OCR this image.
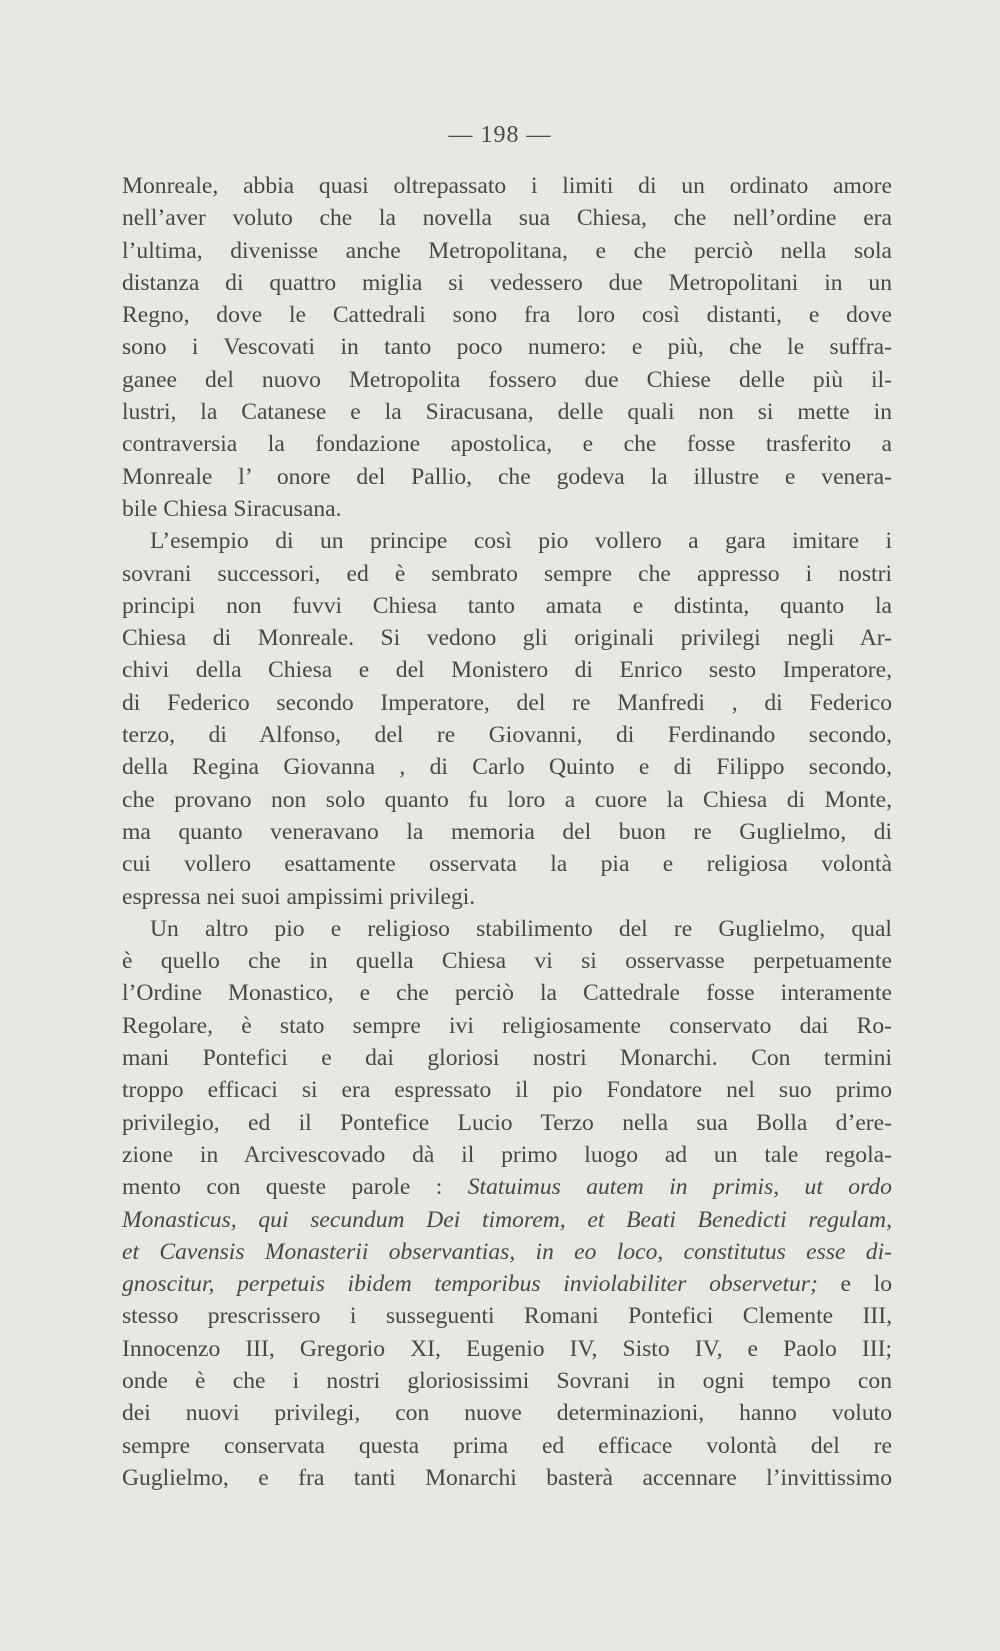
— 198 —
Monreale, abbia quasi oltrepassato i limiti di un ordinato amore
nell’aver voluto che la novella sua Chiesa, che nell’ordine era
l’ultima, divenisse anche Metropolitana, e che perciò nella sola
distanza di quattro miglia si vedessero due Metropolitani in un
Regno, dove le Cattedrali sono fra loro così distanti, e dove
sono i Vescovati in tanto poco numero: e più, che le suffra-
ganee del nuovo Metropolita fossero due Chiese delle più il-
lustri, la Catanese e la Siracusana, delle quali non si mette in
contraversia la fondazione apostolica, e che fosse trasferito a
Monreale l’ onore del Pallio, che godeva la illustre e venera-
bile Chiesa Siracusana.
L’esempio di un principe così pio vollero a gara imitare i
sovrani successori, ed è sembrato sempre che appresso i nostri
principi non fuvvi Chiesa tanto amata e distinta, quanto la
Chiesa di Monreale. Si vedono gli originali privilegi negli Ar-
chivi della Chiesa e del Monistero di Enrico sesto Imperatore,
di Federico secondo Imperatore, del re Manfredi , di Federico
terzo, di Alfonso, del re Giovanni, di Ferdinando secondo,
della Regina Giovanna , di Carlo Quinto e di Filippo secondo,
che provano non solo quanto fu loro a cuore la Chiesa di Monte,
ma quanto veneravano la memoria del buon re Guglielmo, di
cui vollero esattamente osservata la pia e religiosa volontà
espressa nei suoi ampissimi privilegi.
Un altro pio e religioso stabilimento del re Guglielmo, qual
è quello che in quella Chiesa vi si osservasse perpetuamente
l’Ordine Monastico, e che perciò la Cattedrale fosse interamente
Regolare, è stato sempre ivi religiosamente conservato dai Ro-
mani Pontefici e dai gloriosi nostri Monarchi. Con termini
troppo efficaci si era espressato il pio Fondatore nel suo primo
privilegio, ed il Pontefice Lucio Terzo nella sua Bolla d’ere-
zione in Arcivescovado dà il primo luogo ad un tale regola-
mento con queste parole : Statuimus autem in primis, ut ordo
Monasticus, qui secundum Dei timorem, et Beati Benedicti regulam,
et Cavensis Monasterii observantias, in eo loco, constitutus esse di-
gnoscitur, perpetuis ibidem temporibus inviolabiliter observetur; e lo
stesso prescrissero i susseguenti Romani Pontefici Clemente III,
Innocenzo III, Gregorio XI, Eugenio IV, Sisto IV, e Paolo III;
onde è che i nostri gloriosissimi Sovrani in ogni tempo con
dei nuovi privilegi, con nuove determinazioni, hanno voluto
sempre conservata questa prima ed efficace volontà del re
Guglielmo, e fra tanti Monarchi basterà accennare l’invittissimo
